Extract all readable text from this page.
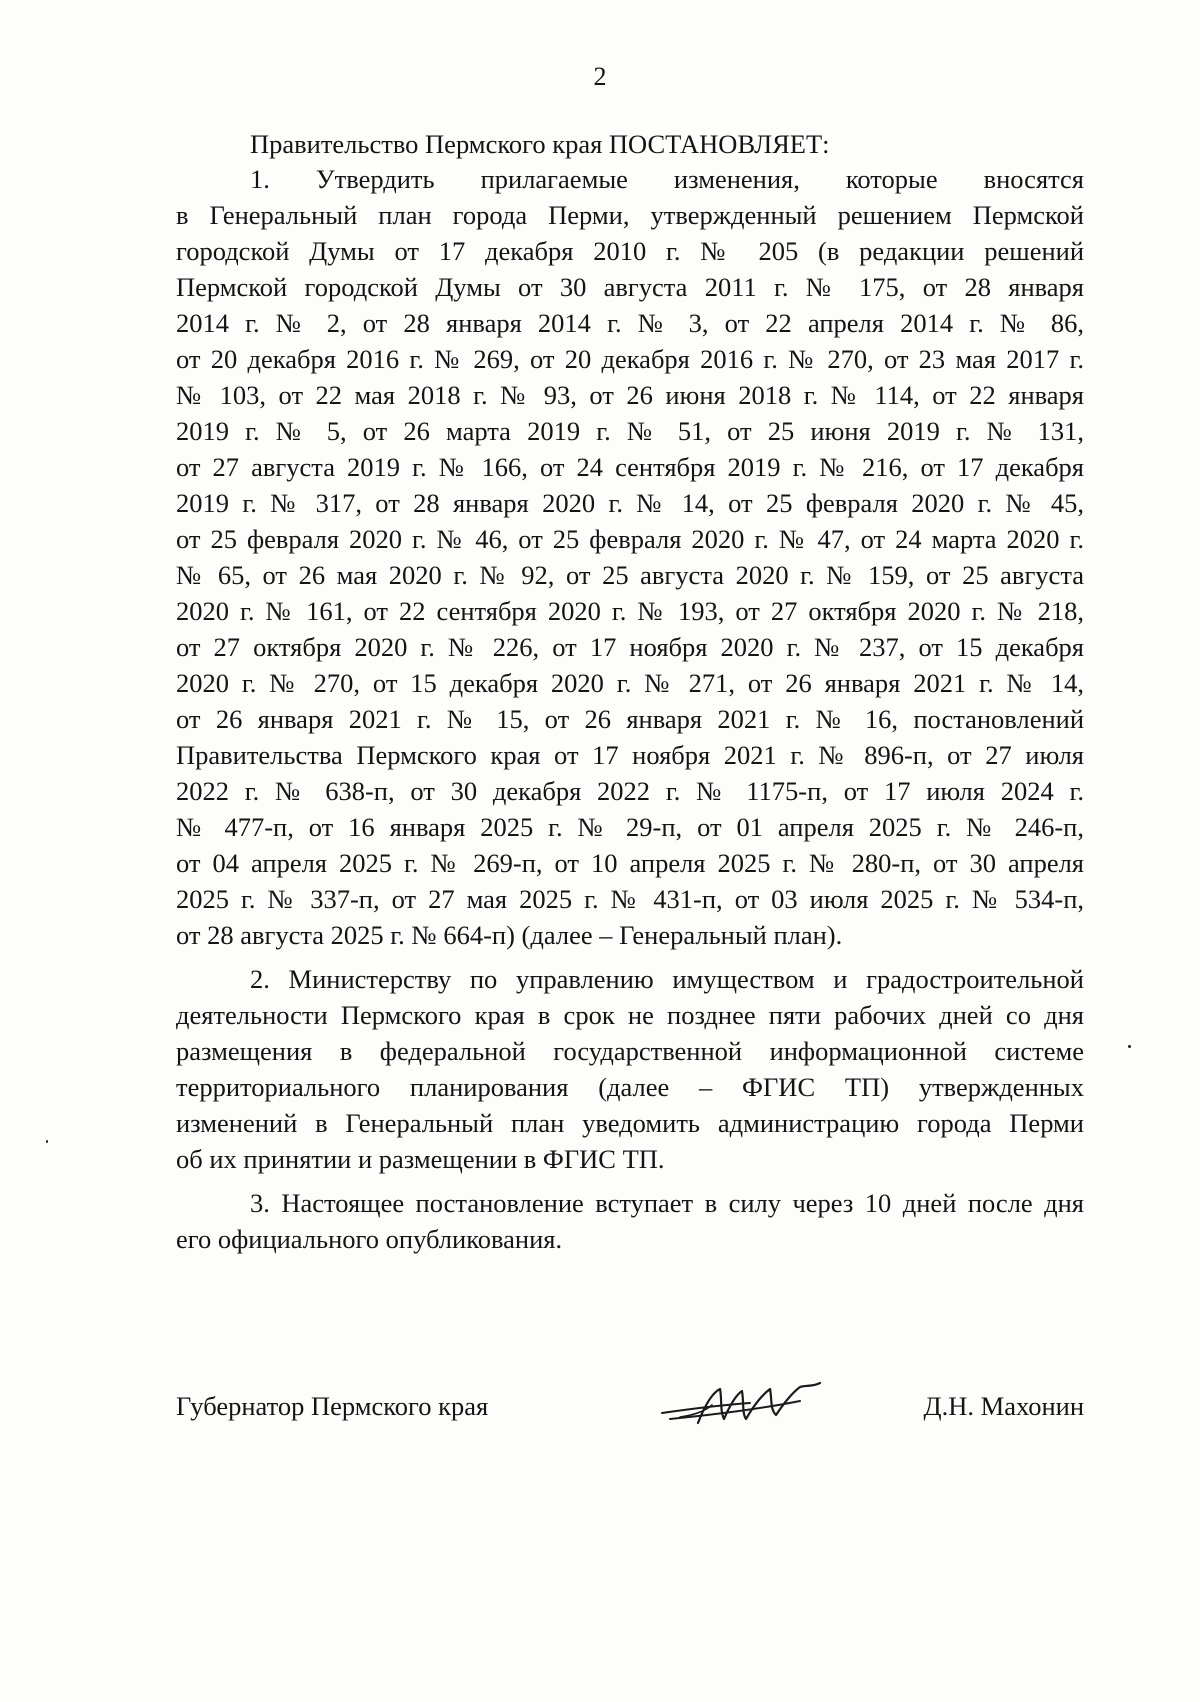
2
Правительство Пермского края ПОСТАНОВЛЯЕТ:
1. Утвердить прилагаемые изменения, которые вносятся
в Генеральный план города Перми, утвержденный решением Пермской
городской Думы от 17 декабря 2010 г. № 205 (в редакции решений
Пермской городской Думы от 30 августа 2011 г. № 175, от 28 января
2014 г. № 2, от 28 января 2014 г. № 3, от 22 апреля 2014 г. № 86,
от 20 декабря 2016 г. № 269, от 20 декабря 2016 г. № 270, от 23 мая 2017 г.
№ 103, от 22 мая 2018 г. № 93, от 26 июня 2018 г. № 114, от 22 января
2019 г. № 5, от 26 марта 2019 г. № 51, от 25 июня 2019 г. № 131,
от 27 августа 2019 г. № 166, от 24 сентября 2019 г. № 216, от 17 декабря
2019 г. № 317, от 28 января 2020 г. № 14, от 25 февраля 2020 г. № 45,
от 25 февраля 2020 г. № 46, от 25 февраля 2020 г. № 47, от 24 марта 2020 г.
№ 65, от 26 мая 2020 г. № 92, от 25 августа 2020 г. № 159, от 25 августа
2020 г. № 161, от 22 сентября 2020 г. № 193, от 27 октября 2020 г. № 218,
от 27 октября 2020 г. № 226, от 17 ноября 2020 г. № 237, от 15 декабря
2020 г. № 270, от 15 декабря 2020 г. № 271, от 26 января 2021 г. № 14,
от 26 января 2021 г. № 15, от 26 января 2021 г. № 16, постановлений
Правительства Пермского края от 17 ноября 2021 г. № 896-п, от 27 июля
2022 г. № 638-п, от 30 декабря 2022 г. № 1175-п, от 17 июля 2024 г.
№ 477-п, от 16 января 2025 г. № 29-п, от 01 апреля 2025 г. № 246-п,
от 04 апреля 2025 г. № 269-п, от 10 апреля 2025 г. № 280-п, от 30 апреля
2025 г. № 337-п, от 27 мая 2025 г. № 431-п, от 03 июля 2025 г. № 534-п,
от 28 августа 2025 г. № 664-п) (далее – Генеральный план).
2. Министерству по управлению имуществом и градостроительной
деятельности Пермского края в срок не позднее пяти рабочих дней со дня
размещения в федеральной государственной информационной системе
территориального планирования (далее – ФГИС ТП) утвержденных
изменений в Генеральный план уведомить администрацию города Перми
об их принятии и размещении в ФГИС ТП.
3. Настоящее постановление вступает в силу через 10 дней после дня
его официального опубликования.
Губернатор Пермского края	Д.Н. Махонин
